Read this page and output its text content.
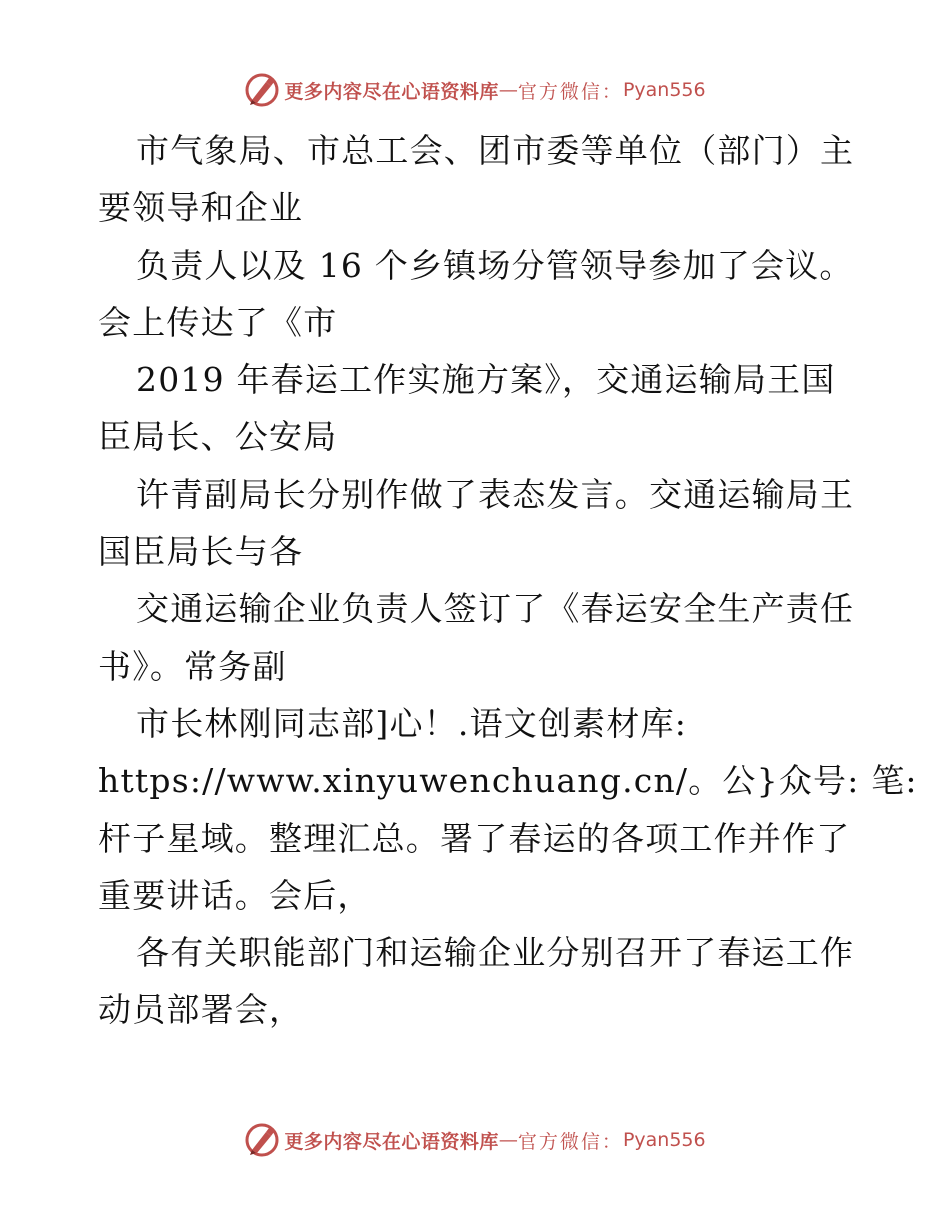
更多内容尽在心语资料库 — 官方微信： Pyan556
市气象局、市总工会、团市委等单位（部门）主
要领导和企业
负责人以及 16 个乡镇场分管领导参加了会议。
会上传达了《市
2019 年春运工作实施方案》，交通运输局王国
臣局长、公安局
许青副局长分别作做了表态发言。交通运输局王
国臣局长与各
交通运输企业负责人签订了《春运安全生产责任
书》。常务副
市长林刚同志部]心！.语文创素材库:
https://www.xinyuwenchuang.cn/。公}众号: 笔:
杆子星域。整理汇总。署了春运的各项工作并作了
重要讲话。会后，
各有关职能部门和运输企业分别召开了春运工作
动员部署会，
更多内容尽在心语资料库 — 官方微信： Pyan556
